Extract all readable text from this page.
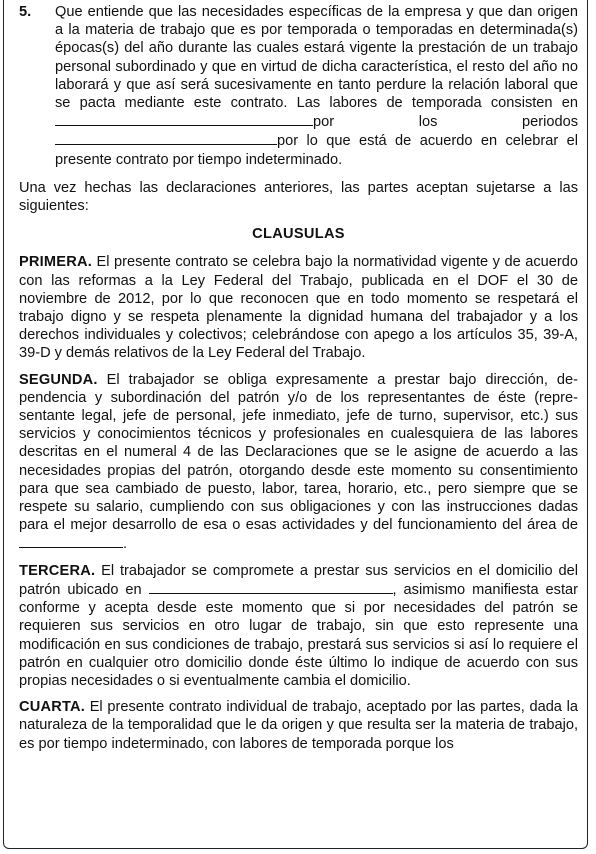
5.	Que entiende que las necesidades específicas de la empresa y que dan origen a la materia de trabajo que es por temporada o temporadas en determinada(s) épocas(s) del año durante las cuales estará vigente la prestación de un trabajo personal subordinado y que en virtud de dicha característica, el resto del año no laborará y que así será sucesivamente en tanto perdure la relación laboral que se pacta mediante este contrato. Las labores de temporada consisten enpor los periodos por lo que está de acuerdo en celebrar el presente contrato por tiempo indeterminado.

Una vez hechas las declaraciones anteriores, las partes aceptan sujetarse a las siguientes:

CLAUSULAS

PRIMERA. El presente contrato se celebra bajo la normatividad vigente y de acuerdo con las reformas a la Ley Federal del Trabajo, publicada en el DOF el 30 de noviembre de 2012, por lo que reconocen que en todo momento se respetará el trabajo digno y se respeta plenamente la dignidad humana del trabajador y a los derechos individuales y colectivos; celebrándose con apego a los artículos 35, 39-A, 39-D y demás relativos de la Ley Federal del Trabajo.

SEGUNDA. El trabajador se obliga expresamente a prestar bajo dirección, dependencia y subordinación del patrón y/o de los representantes de éste (representante legal, jefe de personal, jefe inmediato, jefe de turno, supervisor, etc.) sus servicios y conocimientos técnicos y profesionales en cualesquiera de las labores descritas en el numeral 4 de las Declaraciones que se le asigne de acuerdo a las necesidades propias del patrón, otorgando desde este momento su consentimiento para que sea cambiado de puesto, labor, tarea, horario, etc., pero siempre que se respete su salario, cumpliendo con sus obligaciones y con las instrucciones dadas para el mejor desarrollo de esa o esas actividades y del funcionamiento del área de .

TERCERA. El trabajador se compromete a prestar sus servicios en el domicilio del patrón ubicado en	, asimismo manifiesta estar conforme y acepta desde este momento que si por necesidades del patrón se requieren sus servicios en otro lugar de trabajo, sin que esto represente una modificación en sus condiciones de trabajo, prestará sus servicios si así lo requiere el patrón en cualquier otro domicilio donde éste último lo indique de acuerdo con sus propias necesidades o si eventualmente cambia el domicilio.

CUARTA. El presente contrato individual de trabajo, aceptado por las partes, dada la naturaleza de la temporalidad que le da origen y que resulta ser la materia de trabajo, es por tiempo indeterminado, con labores de temporada porque los
